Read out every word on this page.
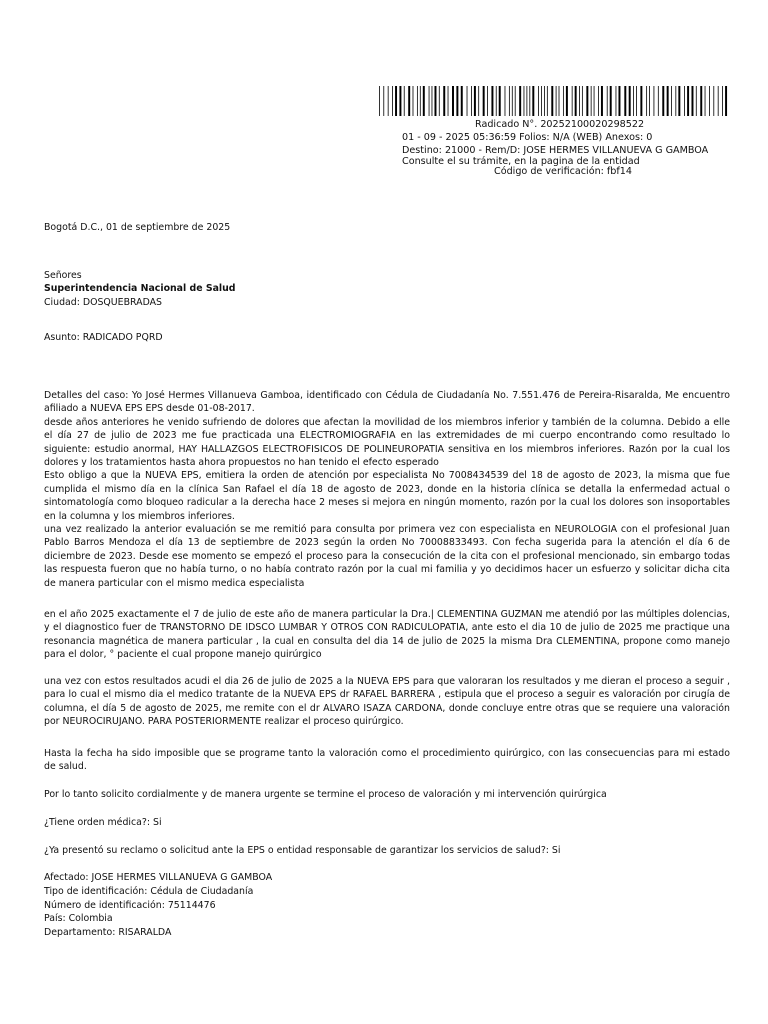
Radicado N°. 20252100020298522
01 - 09 - 2025 05:36:59 Folios: N/A (WEB) Anexos: 0
Destino: 21000 - Rem/D: JOSE HERMES VILLANUEVA G GAMBOA
Consulte el su trámite, en la pagina de la entidad
Código de verificación: fbf14
Bogotá D.C., 01 de septiembre de 2025
Señores
Superintendencia Nacional de Salud
Ciudad: DOSQUEBRADAS
Asunto: RADICADO PQRD

Detalles del caso: Yo José Hermes Villanueva Gamboa, identificado con Cédula de Ciudadanía No. 7.551.476 de Pereira-Risaralda, Me encuentro afiliado a NUEVA EPS EPS desde 01-08-2017.

desde años anteriores he venido sufriendo de dolores que afectan la movilidad de los miembros inferior y también de la columna. Debido a elle el día 27 de julio de 2023 me fue practicada una ELECTROMIOGRAFIA en las extremidades de mi cuerpo encontrando como resultado lo siguiente: estudio anormal, HAY HALLAZGOS ELECTROFISICOS DE POLINEUROPATIA sensitiva en los miembros inferiores. Razón por la cual los dolores y los tratamientos hasta ahora propuestos no han tenido el efecto esperado

Esto obligo a que la NUEVA EPS, emitiera la orden de atención por especialista No 7008434539 del 18 de agosto de 2023, la misma que fue cumplida el mismo día en la clínica San Rafael el día 18 de agosto de 2023, donde en la historia clínica se detalla la enfermedad actual o sintomatología como bloqueo radicular a la derecha hace 2 meses si mejora en ningún momento, razón por la cual los dolores son insoportables en la columna y los miembros inferiores.

una vez realizado la anterior evaluación se me remitió para consulta por primera vez con especialista en NEUROLOGIA con el profesional Juan Pablo Barros Mendoza el día 13 de septiembre de 2023 según la orden No 70008833493. Con fecha sugerida para la atención el día 6 de diciembre de 2023. Desde ese momento se empezó el proceso para la consecución de la cita con el profesional mencionado, sin embargo todas las respuesta fueron que no había turno, o no había contrato razón por la cual mi familia y yo decidimos hacer un esfuerzo y solicitar dicha cita de manera particular con el mismo medica especialista

en el año 2025 exactamente el 7 de julio de este año de manera particular la Dra.| CLEMENTINA GUZMAN me atendió por las múltiples dolencias, y el diagnostico fuer de TRANSTORNO DE IDSCO LUMBAR Y OTROS CON RADICULOPATIA, ante esto el dia 10 de julio de 2025 me practique una resonancia magnética de manera particular , la cual en consulta del dia 14 de julio de 2025 la misma Dra CLEMENTINA, propone como manejo para el dolor, ° paciente el cual propone manejo quirúrgico

una vez con estos resultados acudi el dia 26 de julio de 2025 a la NUEVA EPS para que valoraran los resultados y me dieran el proceso a seguir , para lo cual el mismo dia el medico tratante de la NUEVA EPS dr RAFAEL BARRERA , estipula que el proceso a seguir es valoración por cirugía de columna, el día 5 de agosto de 2025, me remite con el dr ALVARO ISAZA CARDONA, donde concluye entre otras que se requiere una valoración por NEUROCIRUJANO. PARA POSTERIORMENTE realizar el proceso quirúrgico.

Hasta la fecha ha sido imposible que se programe tanto la valoración como el procedimiento quirúrgico, con las consecuencias para mi estado de salud.

Por lo tanto solicito cordialmente y de manera urgente se termine el proceso de valoración y mi intervención quirúrgica
¿Tiene orden médica?: Si
¿Ya presentó su reclamo o solicitud ante la EPS o entidad responsable de garantizar los servicios de salud?: Si
Afectado: JOSE HERMES VILLANUEVA G GAMBOA
Tipo de identificación: Cédula de Ciudadanía
Número de identificación: 75114476
País: Colombia
Departamento: RISARALDA
